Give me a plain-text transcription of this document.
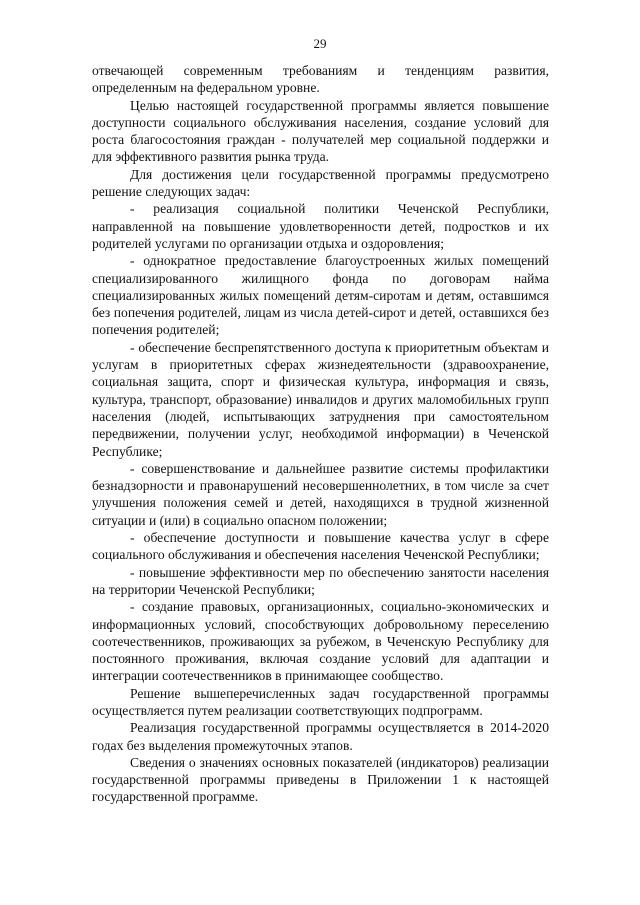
29

отвечающей современным требованиям и тенденциям развития, определенным на федеральном уровне.

Целью настоящей государственной программы является повышение доступности социального обслуживания населения, создание условий для роста благосостояния граждан - получателей мер социальной поддержки и для эффективного развития рынка труда.

Для достижения цели государственной программы предусмотрено решение следующих задач:

- реализация социальной политики Чеченской Республики, направленной на повышение удовлетворенности детей, подростков и их родителей услугами по организации отдыха и оздоровления;

- однократное предоставление благоустроенных жилых помещений специализированного жилищного фонда по договорам найма специализированных жилых помещений детям-сиротам и детям, оставшимся без попечения родителей, лицам из числа детей-сирот и детей, оставшихся без попечения родителей;

- обеспечение беспрепятственного доступа к приоритетным объектам и услугам в приоритетных сферах жизнедеятельности (здравоохранение, социальная защита, спорт и физическая культура, информация и связь, культура, транспорт, образование) инвалидов и других маломобильных групп населения (людей, испытывающих затруднения при самостоятельном передвижении, получении услуг, необходимой информации) в Чеченской Республике;

- совершенствование и дальнейшее развитие системы профилактики безнадзорности и правонарушений несовершеннолетних, в том числе за счет улучшения положения семей и детей, находящихся в трудной жизненной ситуации и (или) в социально опасном положении;

- обеспечение доступности и повышение качества услуг в сфере социального обслуживания и обеспечения населения Чеченской Республики;

- повышение эффективности мер по обеспечению занятости населения на территории Чеченской Республики;

- создание правовых, организационных, социально-экономических и информационных условий, способствующих добровольному переселению соотечественников, проживающих за рубежом, в Чеченскую Республику для постоянного проживания, включая создание условий для адаптации и интеграции соотечественников в принимающее сообщество.

Решение вышеперечисленных задач государственной программы осуществляется путем реализации соответствующих подпрограмм.

Реализация государственной программы осуществляется в 2014-2020 годах без выделения промежуточных этапов.

Сведения о значениях основных показателей (индикаторов) реализации государственной программы приведены в Приложении 1 к настоящей государственной программе.
